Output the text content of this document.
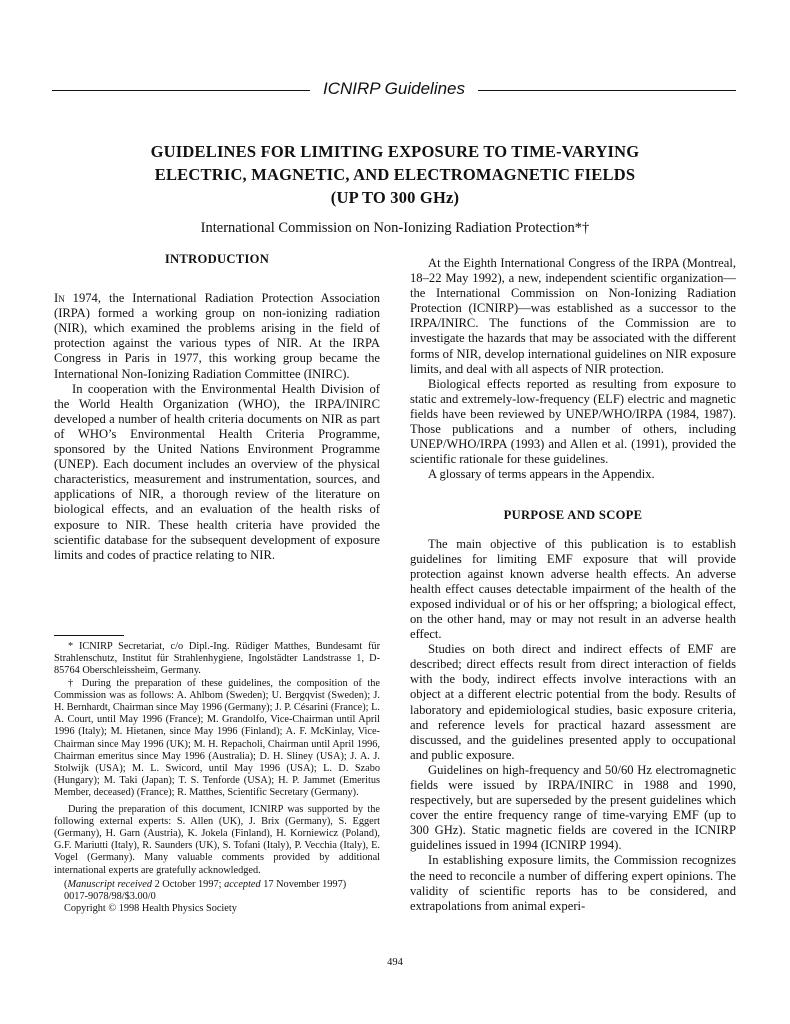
ICNIRP Guidelines
GUIDELINES FOR LIMITING EXPOSURE TO TIME-VARYING
ELECTRIC, MAGNETIC, AND ELECTROMAGNETIC FIELDS
(UP TO 300 GHz)
International Commission on Non-Ionizing Radiation Protection*†
INTRODUCTION

In 1974, the International Radiation Protection Association (IRPA) formed a working group on non-ionizing radiation (NIR), which examined the problems arising in the field of protection against the various types of NIR. At the IRPA Congress in Paris in 1977, this working group became the International Non-Ionizing Radiation Committee (INIRC).

In cooperation with the Environmental Health Division of the World Health Organization (WHO), the IRPA/INIRC developed a number of health criteria documents on NIR as part of WHO’s Environmental Health Criteria Programme, sponsored by the United Nations Environment Programme (UNEP). Each document includes an overview of the physical characteristics, measurement and instrumentation, sources, and applications of NIR, a thorough review of the literature on biological effects, and an evaluation of the health risks of exposure to NIR. These health criteria have provided the scientific database for the subsequent development of exposure limits and codes of practice relating to NIR.

* ICNIRP Secretariat, c/o Dipl.-Ing. Rüdiger Matthes, Bundesamt für Strahlenschutz, Institut für Strahlenhygiene, Ingolstädter Landstrasse 1, D-85764 Oberschleissheim, Germany.

† During the preparation of these guidelines, the composition of the Commission was as follows: A. Ahlbom (Sweden); U. Bergqvist (Sweden); J. H. Bernhardt, Chairman since May 1996 (Germany); J. P. Césarini (France); L. A. Court, until May 1996 (France); M. Grandolfo, Vice-Chairman until April 1996 (Italy); M. Hietanen, since May 1996 (Finland); A. F. McKinlay, Vice-Chairman since May 1996 (UK); M. H. Repacholi, Chairman until April 1996, Chairman emeritus since May 1996 (Australia); D. H. Sliney (USA); J. A. J. Stolwijk (USA); M. L. Swicord, until May 1996 (USA); L. D. Szabo (Hungary); M. Taki (Japan); T. S. Tenforde (USA); H. P. Jammet (Emeritus Member, deceased) (France); R. Matthes, Scientific Secretary (Germany).

During the preparation of this document, ICNIRP was supported by the following external experts: S. Allen (UK), J. Brix (Germany), S. Eggert (Germany), H. Garn (Austria), K. Jokela (Finland), H. Korniewicz (Poland), G.F. Mariutti (Italy), R. Saunders (UK), S. Tofani (Italy), P. Vecchia (Italy), E. Vogel (Germany). Many valuable comments provided by additional international experts are gratefully acknowledged.

(Manuscript received 2 October 1997; accepted 17 November 1997)

0017-9078/98/$3.00/0

Copyright © 1998 Health Physics Society

At the Eighth International Congress of the IRPA (Montreal, 18–22 May 1992), a new, independent scientific organization—the International Commission on Non-Ionizing Radiation Protection (ICNIRP)—was established as a successor to the IRPA/INIRC. The functions of the Commission are to investigate the hazards that may be associated with the different forms of NIR, develop international guidelines on NIR exposure limits, and deal with all aspects of NIR protection.

Biological effects reported as resulting from exposure to static and extremely-low-frequency (ELF) electric and magnetic fields have been reviewed by UNEP/WHO/IRPA (1984, 1987). Those publications and a number of others, including UNEP/WHO/IRPA (1993) and Allen et al. (1991), provided the scientific rationale for these guidelines.

A glossary of terms appears in the Appendix.

PURPOSE AND SCOPE

The main objective of this publication is to establish guidelines for limiting EMF exposure that will provide protection against known adverse health effects. An adverse health effect causes detectable impairment of the health of the exposed individual or of his or her offspring; a biological effect, on the other hand, may or may not result in an adverse health effect.

Studies on both direct and indirect effects of EMF are described; direct effects result from direct interaction of fields with the body, indirect effects involve interactions with an object at a different electric potential from the body. Results of laboratory and epidemiological studies, basic exposure criteria, and reference levels for practical hazard assessment are discussed, and the guidelines presented apply to occupational and public exposure.

Guidelines on high-frequency and 50/60 Hz electromagnetic fields were issued by IRPA/INIRC in 1988 and 1990, respectively, but are superseded by the present guidelines which cover the entire frequency range of time-varying EMF (up to 300 GHz). Static magnetic fields are covered in the ICNIRP guidelines issued in 1994 (ICNIRP 1994).

In establishing exposure limits, the Commission recognizes the need to reconcile a number of differing expert opinions. The validity of scientific reports has to be considered, and extrapolations from animal experi-

494
